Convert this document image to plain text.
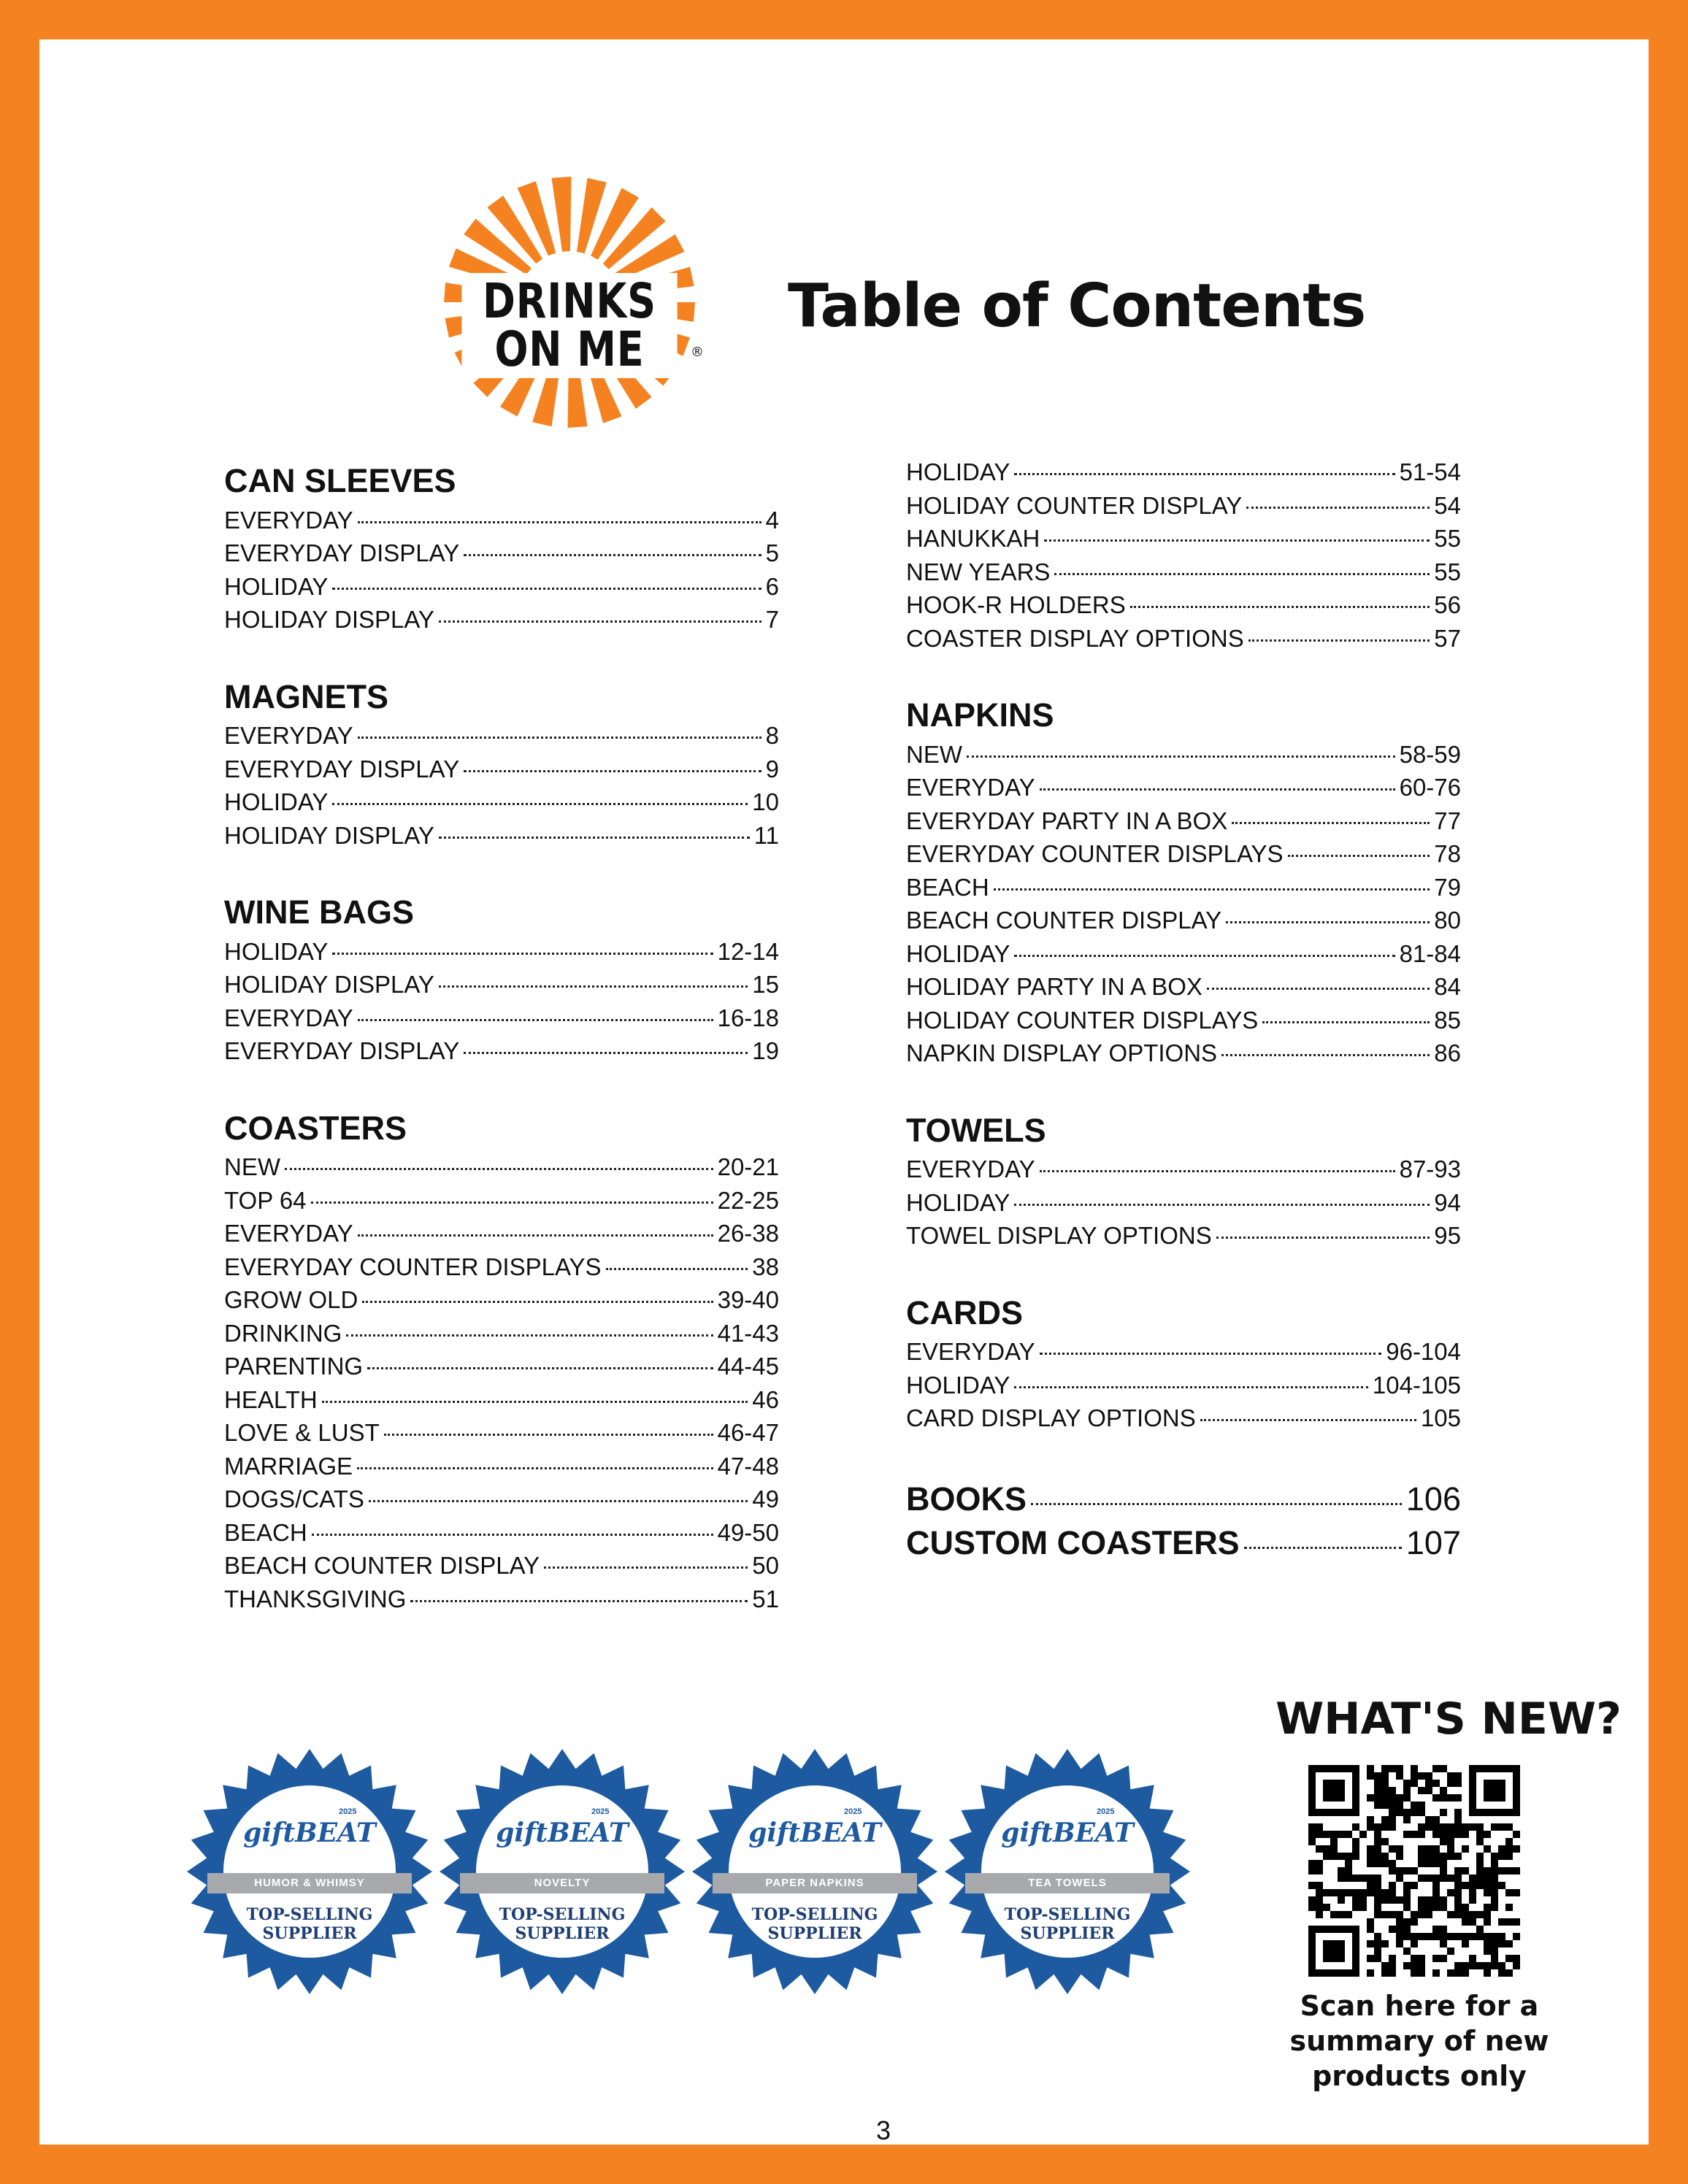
DRINKS ON ME	®
Table of Contents
CAN SLEEVES
EVERYDAY	4
EVERYDAY DISPLAY	5
HOLIDAY	6
HOLIDAY DISPLAY	7
MAGNETS
EVERYDAY	8
EVERYDAY DISPLAY	9
HOLIDAY	10
HOLIDAY DISPLAY	11
WINE BAGS
HOLIDAY	12-14
HOLIDAY DISPLAY	15
EVERYDAY	16-18
EVERYDAY DISPLAY	19
COASTERS
NEW	20-21
TOP 64	22-25
EVERYDAY	26-38
EVERYDAY COUNTER DISPLAYS	38
GROW OLD	39-40
DRINKING	41-43
PARENTING	44-45
HEALTH	46
LOVE & LUST	46-47
MARRIAGE	47-48
DOGS/CATS	49
BEACH	49-50
BEACH COUNTER DISPLAY	50
THANKSGIVING	51
HOLIDAY	51-54
HOLIDAY COUNTER DISPLAY	54
HANUKKAH	55
NEW YEARS	55
HOOK-R HOLDERS	56
COASTER DISPLAY OPTIONS	57
NAPKINS
NEW	58-59
EVERYDAY	60-76
EVERYDAY PARTY IN A BOX	77
EVERYDAY COUNTER DISPLAYS	78
BEACH	79
BEACH COUNTER DISPLAY	80
HOLIDAY	81-84
HOLIDAY PARTY IN A BOX	84
HOLIDAY COUNTER DISPLAYS	85
NAPKIN DISPLAY OPTIONS	86
TOWELS
EVERYDAY	87-93
HOLIDAY	94
TOWEL DISPLAY OPTIONS	95
CARDS
EVERYDAY	96-104
HOLIDAY	104-105
CARD DISPLAY OPTIONS	105
BOOKS	106
CUSTOM COASTERS	107
2025
giftBEAT
HUMOR & WHIMSY
TOP-SELLING
SUPPLIER
2025
giftBEAT
NOVELTY
TOP-SELLING
SUPPLIER
2025
giftBEAT
PAPER NAPKINS
TOP-SELLING
SUPPLIER
2025
giftBEAT
TEA TOWELS
TOP-SELLING
SUPPLIER
WHAT'S NEW?
Scan here for a
summary of new
products only
3
